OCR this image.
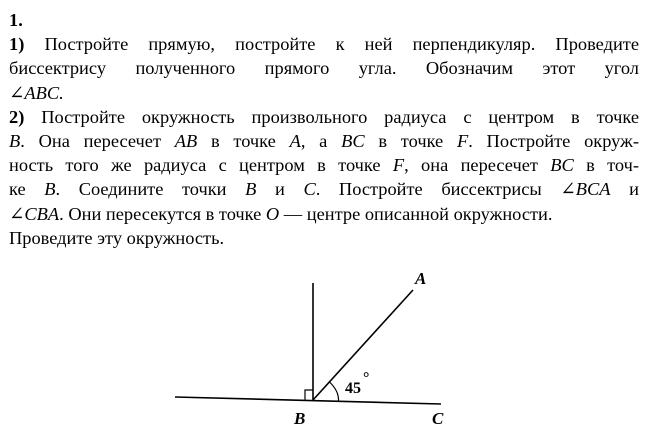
1.
1) Постройте прямую, постройте к ней перпендикуляр. Проведите
биссектрису полученного прямого угла. Обозначим этот угол
∠ABC.
2) Постройте окружность произвольного радиуса с центром в точке
B. Она пересечет AB в точке A, а BC в точке F. Постройте окруж-
ность того же радиуса с центром в точке F, она пересечет BC в точ-
ке B. Соедините точки B и C. Постройте биссектрисы ∠BCA и
∠CBA. Они пересекутся в точке O — центре описанной окружности.
Проведите эту окружность.
A
B	C
45
°
